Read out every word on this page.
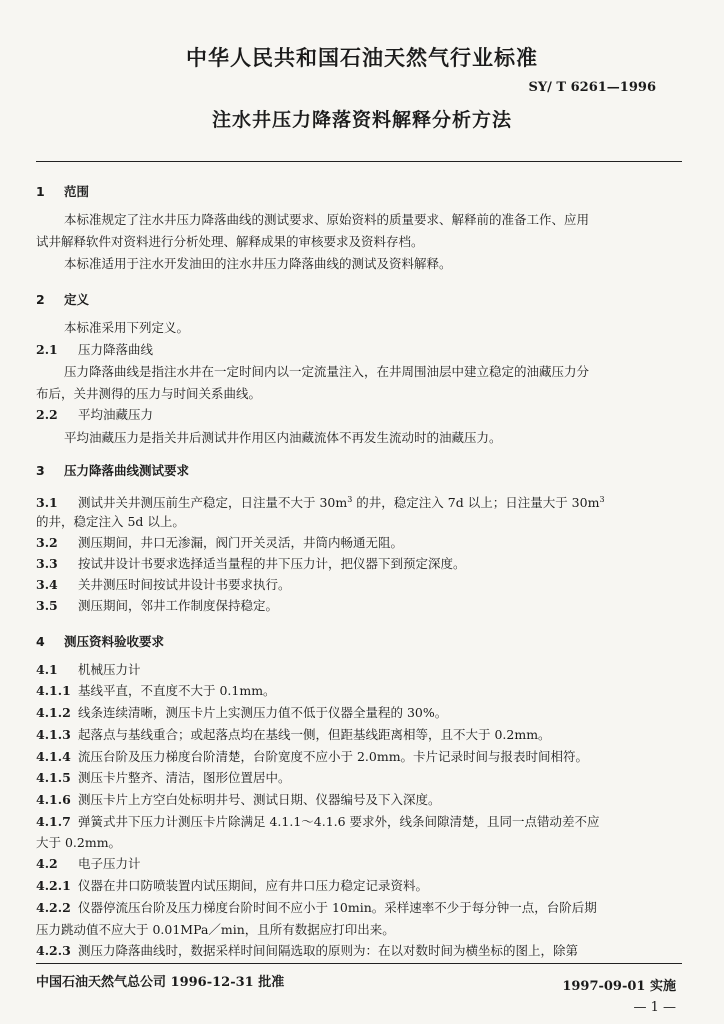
中华人民共和国石油天然气行业标准
SY/ T 6261—1996
注水井压力降落资料解释分析方法
1 范围
本标准规定了注水井压力降落曲线的测试要求、原始资料的质量要求、解释前的准备工作、应用
试井解释软件对资料进行分析处理、解释成果的审核要求及资料存档。
本标准适用于注水开发油田的注水井压力降落曲线的测试及资料解释。
2 定义
本标准采用下列定义。
2.1 压力降落曲线
压力降落曲线是指注水井在一定时间内以一定流量注入，在井周围油层中建立稳定的油藏压力分
布后，关井测得的压力与时间关系曲线。
2.2 平均油藏压力
平均油藏压力是指关井后测试井作用区内油藏流体不再发生流动时的油藏压力。
3 压力降落曲线测试要求
3.1 测试井关井测压前生产稳定，日注量不大于 $30m^3$ 的井，稳定注入 7d 以上；日注量大于 $30m^3$
的井，稳定注入 5d 以上。
3.2 测压期间，井口无渗漏，阀门开关灵活，井筒内畅通无阻。
3.3 按试井设计书要求选择适当量程的井下压力计，把仪器下到预定深度。
3.4 关井测压时间按试井设计书要求执行。
3.5 测压期间，邻井工作制度保持稳定。
4 测压资料验收要求
4.1 机械压力计
4.1.1 基线平直，不直度不大于 0.1mm。
4.1.2 线条连续清晰，测压卡片上实测压力值不低于仪器全量程的 30%。
4.1.3 起落点与基线重合；或起落点均在基线一侧，但距基线距离相等，且不大于 0.2mm。
4.1.4 流压台阶及压力梯度台阶清楚，台阶宽度不应小于 2.0mm。卡片记录时间与报表时间相符。
4.1.5 测压卡片整齐、清洁，图形位置居中。
4.1.6 测压卡片上方空白处标明井号、测试日期、仪器编号及下入深度。
4.1.7 弹簧式井下压力计测压卡片除满足 4.1.1～4.1.6 要求外，线条间隙清楚，且同一点错动差不应
大于 0.2mm。
4.2 电子压力计
4.2.1 仪器在井口防喷装置内试压期间，应有井口压力稳定记录资料。
4.2.2 仪器停流压台阶及压力梯度台阶时间不应小于 10min。采样速率不少于每分钟一点，台阶后期
压力跳动值不应大于 0.01MPa／min，且所有数据应打印出来。
4.2.3 测压力降落曲线时，数据采样时间间隔选取的原则为：在以对数时间为横坐标的图上，除第
中国石油天然气总公司 1996-12-31 批准	1997-09-01 实施
— 1 —
